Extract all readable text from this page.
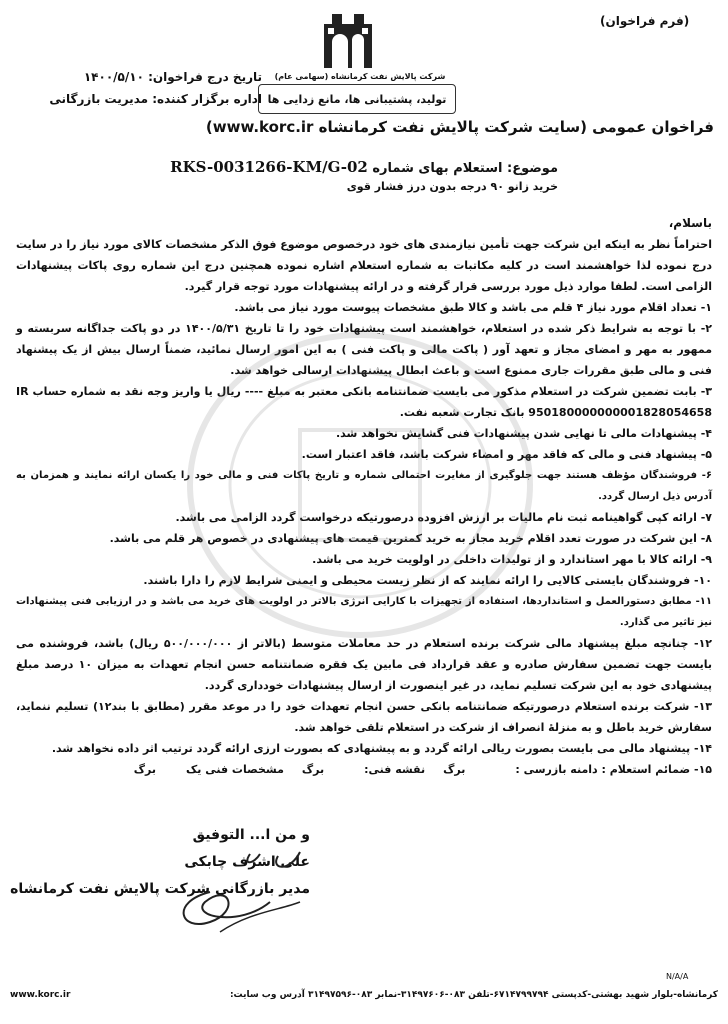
(فرم فراخوان)
شرکت پالایش نفت کرمانشاه (سهامی عام)
تولید، پشتیبانی ها، مانع زدایی ها
تاریخ درج فراخوان: ۱۴۰۰/۵/۱۰
اداره برگزار کننده: مدیریت بازرگانی
فراخوان عمومی (سایت شرکت پالایش نفت کرمانشاه www.korc.ir)
موضوع: استعلام بهای شماره RKS-0031266-KM/G-02
خرید زانو ۹۰ درجه بدون درز فشار قوی
باسلام،

احتراماً نظر به اینکه این شرکت جهت تأمین نیازمندی های خود درخصوص موضوع فوق الذکر مشخصات کالای مورد نیاز را در سایت درج نموده لذا خواهشمند است در کلیه مکاتبات به شماره استعلام اشاره نموده همچنین درج این شماره روی پاکات پیشنهادات الزامی است. لطفا موارد ذیل مورد بررسی قرار گرفته و در ارائه پیشنهادات مورد توجه قرار گیرد.

۱- تعداد اقلام مورد نیاز ۴ قلم می باشد و کالا طبق مشخصات پیوست مورد نیاز می باشد.

۲- با توجه به شرایط ذکر شده در استعلام، خواهشمند است پیشنهادات خود را تا تاریخ ۱۴۰۰/۵/۳۱ در دو پاکت جداگانه سربسته و ممهور به مهر و امضای مجاز و تعهد آور ( پاکت مالی و پاکت فنی ) به این امور ارسال نمائید، ضمناً ارسال بیش از یک پیشنهاد فنی و مالی طبق مقررات جاری ممنوع است و باعث ابطال پیشنهادات ارسالی خواهد شد.

۳- بابت تضمین شرکت در استعلام مذکور می بایست ضمانتنامه بانکی معتبر به مبلغ ---- ریال یا واریز وجه نقد به شماره حساب IR 950180000000001828054658 بانک تجارت شعبه نفت.

۴- پیشنهادات مالی تا نهایی شدن پیشنهادات فنی گشایش نخواهد شد.

۵- پیشنهاد فنی و مالی که فاقد مهر و امضاء شرکت باشد، فاقد اعتبار است.

۶- فروشندگان مؤظف هستند جهت جلوگیری از مغایرت احتمالی شماره و تاریخ پاکات فنی و مالی خود را یکسان ارائه نمایند و همزمان به آدرس ذیل ارسال گردد.

۷- ارائه کپی گواهینامه ثبت نام مالیات بر ارزش افزوده درصورتیکه درخواست گردد الزامی می باشد.

۸- این شرکت در صورت تعدد اقلام خرید مجاز به خرید کمترین قیمت های پیشنهادی در خصوص هر قلم می باشد.

۹- ارائه کالا با مهر استاندارد و از تولیدات داخلی در اولویت خرید می باشد.

۱۰- فروشندگان بایستی کالایی را ارائه نمایند که از نظر زیست محیطی و ایمنی شرایط لازم را دارا باشند.

۱۱- مطابق دستورالعمل و استانداردها، استفاده از تجهیزات با کارایی انرژی بالاتر در اولویت های خرید می باشد و در ارزیابی فنی پیشنهادات نیز تاثیر می گذارد.

۱۲- چنانچه مبلغ پیشنهاد مالی شرکت برنده استعلام در حد معاملات متوسط (بالاتر از ۵۰۰/۰۰۰/۰۰۰ ریال) باشد، فروشنده می بایست جهت تضمین سفارش صادره و عقد قرارداد فی مابین یک فقره ضمانتنامه حسن انجام تعهدات به میزان ۱۰ درصد مبلغ پیشنهادی خود به این شرکت تسلیم نماید، در غیر اینصورت از ارسال پیشنهادات خودداری گردد.

۱۳- شرکت برنده استعلام درصورتیکه ضمانتنامه بانکی حسن انجام تعهدات خود را در موعد مقرر (مطابق با بند۱۲) تسلیم ننماید، سفارش خرید باطل و به منزلهٔ انصراف از شرکت در استعلام تلقی خواهد شد.

۱۴- پیشنهاد مالی می بایست بصورت ریالی ارائه گردد و به پیشنهادی که بصورت ارزی ارائه گردد ترتیب اثر داده نخواهد شد.

۱۵- ضمائم استعلام : دامنه بازرسی :
برگ
نقشه فنی:
برگ
مشخصات فنی یک
برگ

و من ا... التوفیق
علی اشرف چابکی
مدیر بازرگانی شرکت پالایش نفت کرمانشاه
N/A/A
کرمانشاه-بلوار شهید بهشتی-کدپستی ۶۷۱۴۷۹۹۷۹۴-تلفن ۰۸۳-۳۱۴۹۷۶۰۶-نمابر ۰۸۳-۳۱۴۹۷۵۹۶ آدرس وب سایت:
www.korc.ir
